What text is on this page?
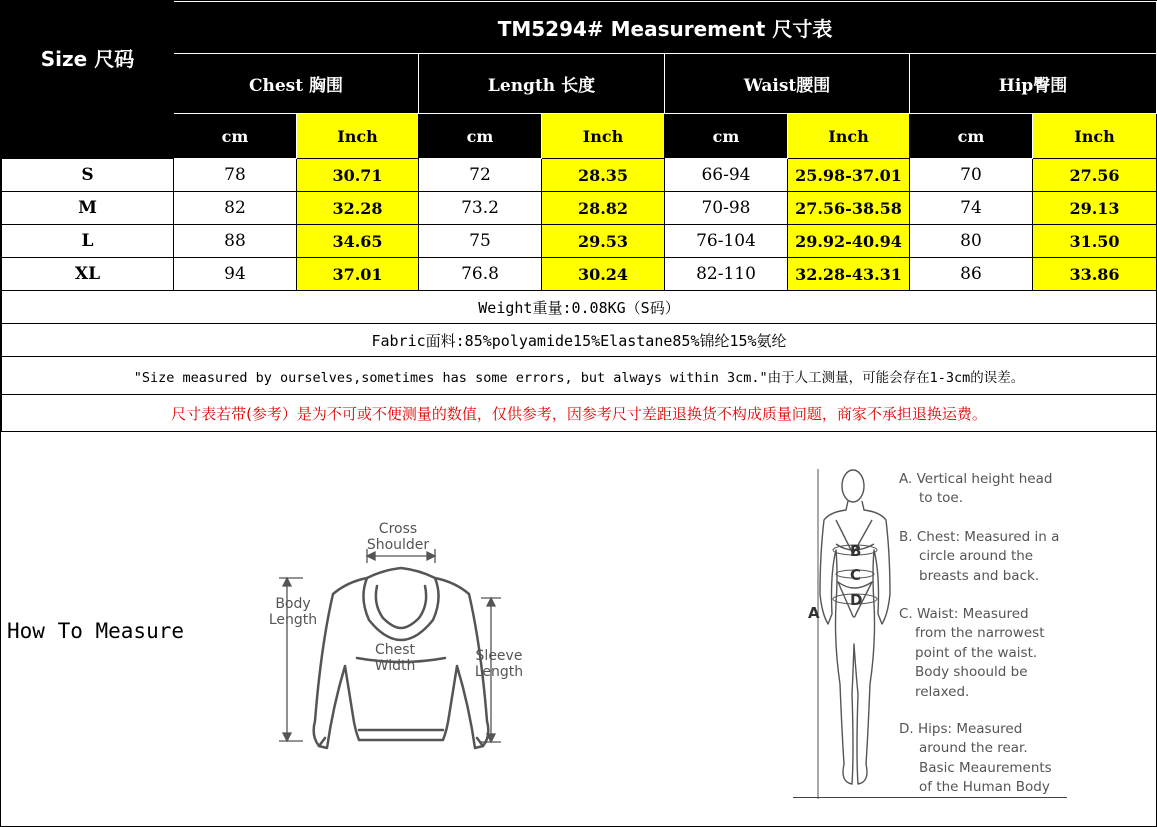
Size 尺码	TM5294# Measurement 尺寸表							
	Chest 胸围		Length 长度		Waist腰围		Hip臀围	
	cm	Inch	cm	Inch	cm	Inch	cm	Inch
S	78	30.71	72	28.35	66-94	25.98-37.01	70	27.56
M	82	32.28	73.2	28.82	70-98	27.56-38.58	74	29.13
L	88	34.65	75	29.53	76-104	29.92-40.94	80	31.50
XL	94	37.01	76.8	30.24	82-110	32.28-43.31	86	33.86
Weight重量:0.08KG（S码）								
Fabric面料:85%polyamide15%Elastane85%锦纶15%氨纶								
"Size measured by ourselves,sometimes has some errors, but always within 3cm."由于人工测量，可能会存在1-3cm的误差。								
尺寸表若带(参考）是为不可或不便测量的数值，仅供参考，因参考尺寸差距退换货不构成质量问题，商家不承担退换运费。								
How To Measure
Cross
Shoulder
Body
Length
Chest
Width
Sleeve
Length
A
B
C
D
A. Vertical height head
to toe.
B. Chest: Measured in a
circle around the
breasts and back.
C. Waist: Measured
from the narrowest
point of the waist.
Body shoould be
relaxed.
D. Hips: Measured
around the rear.
Basic Meaurements
of the Human Body
